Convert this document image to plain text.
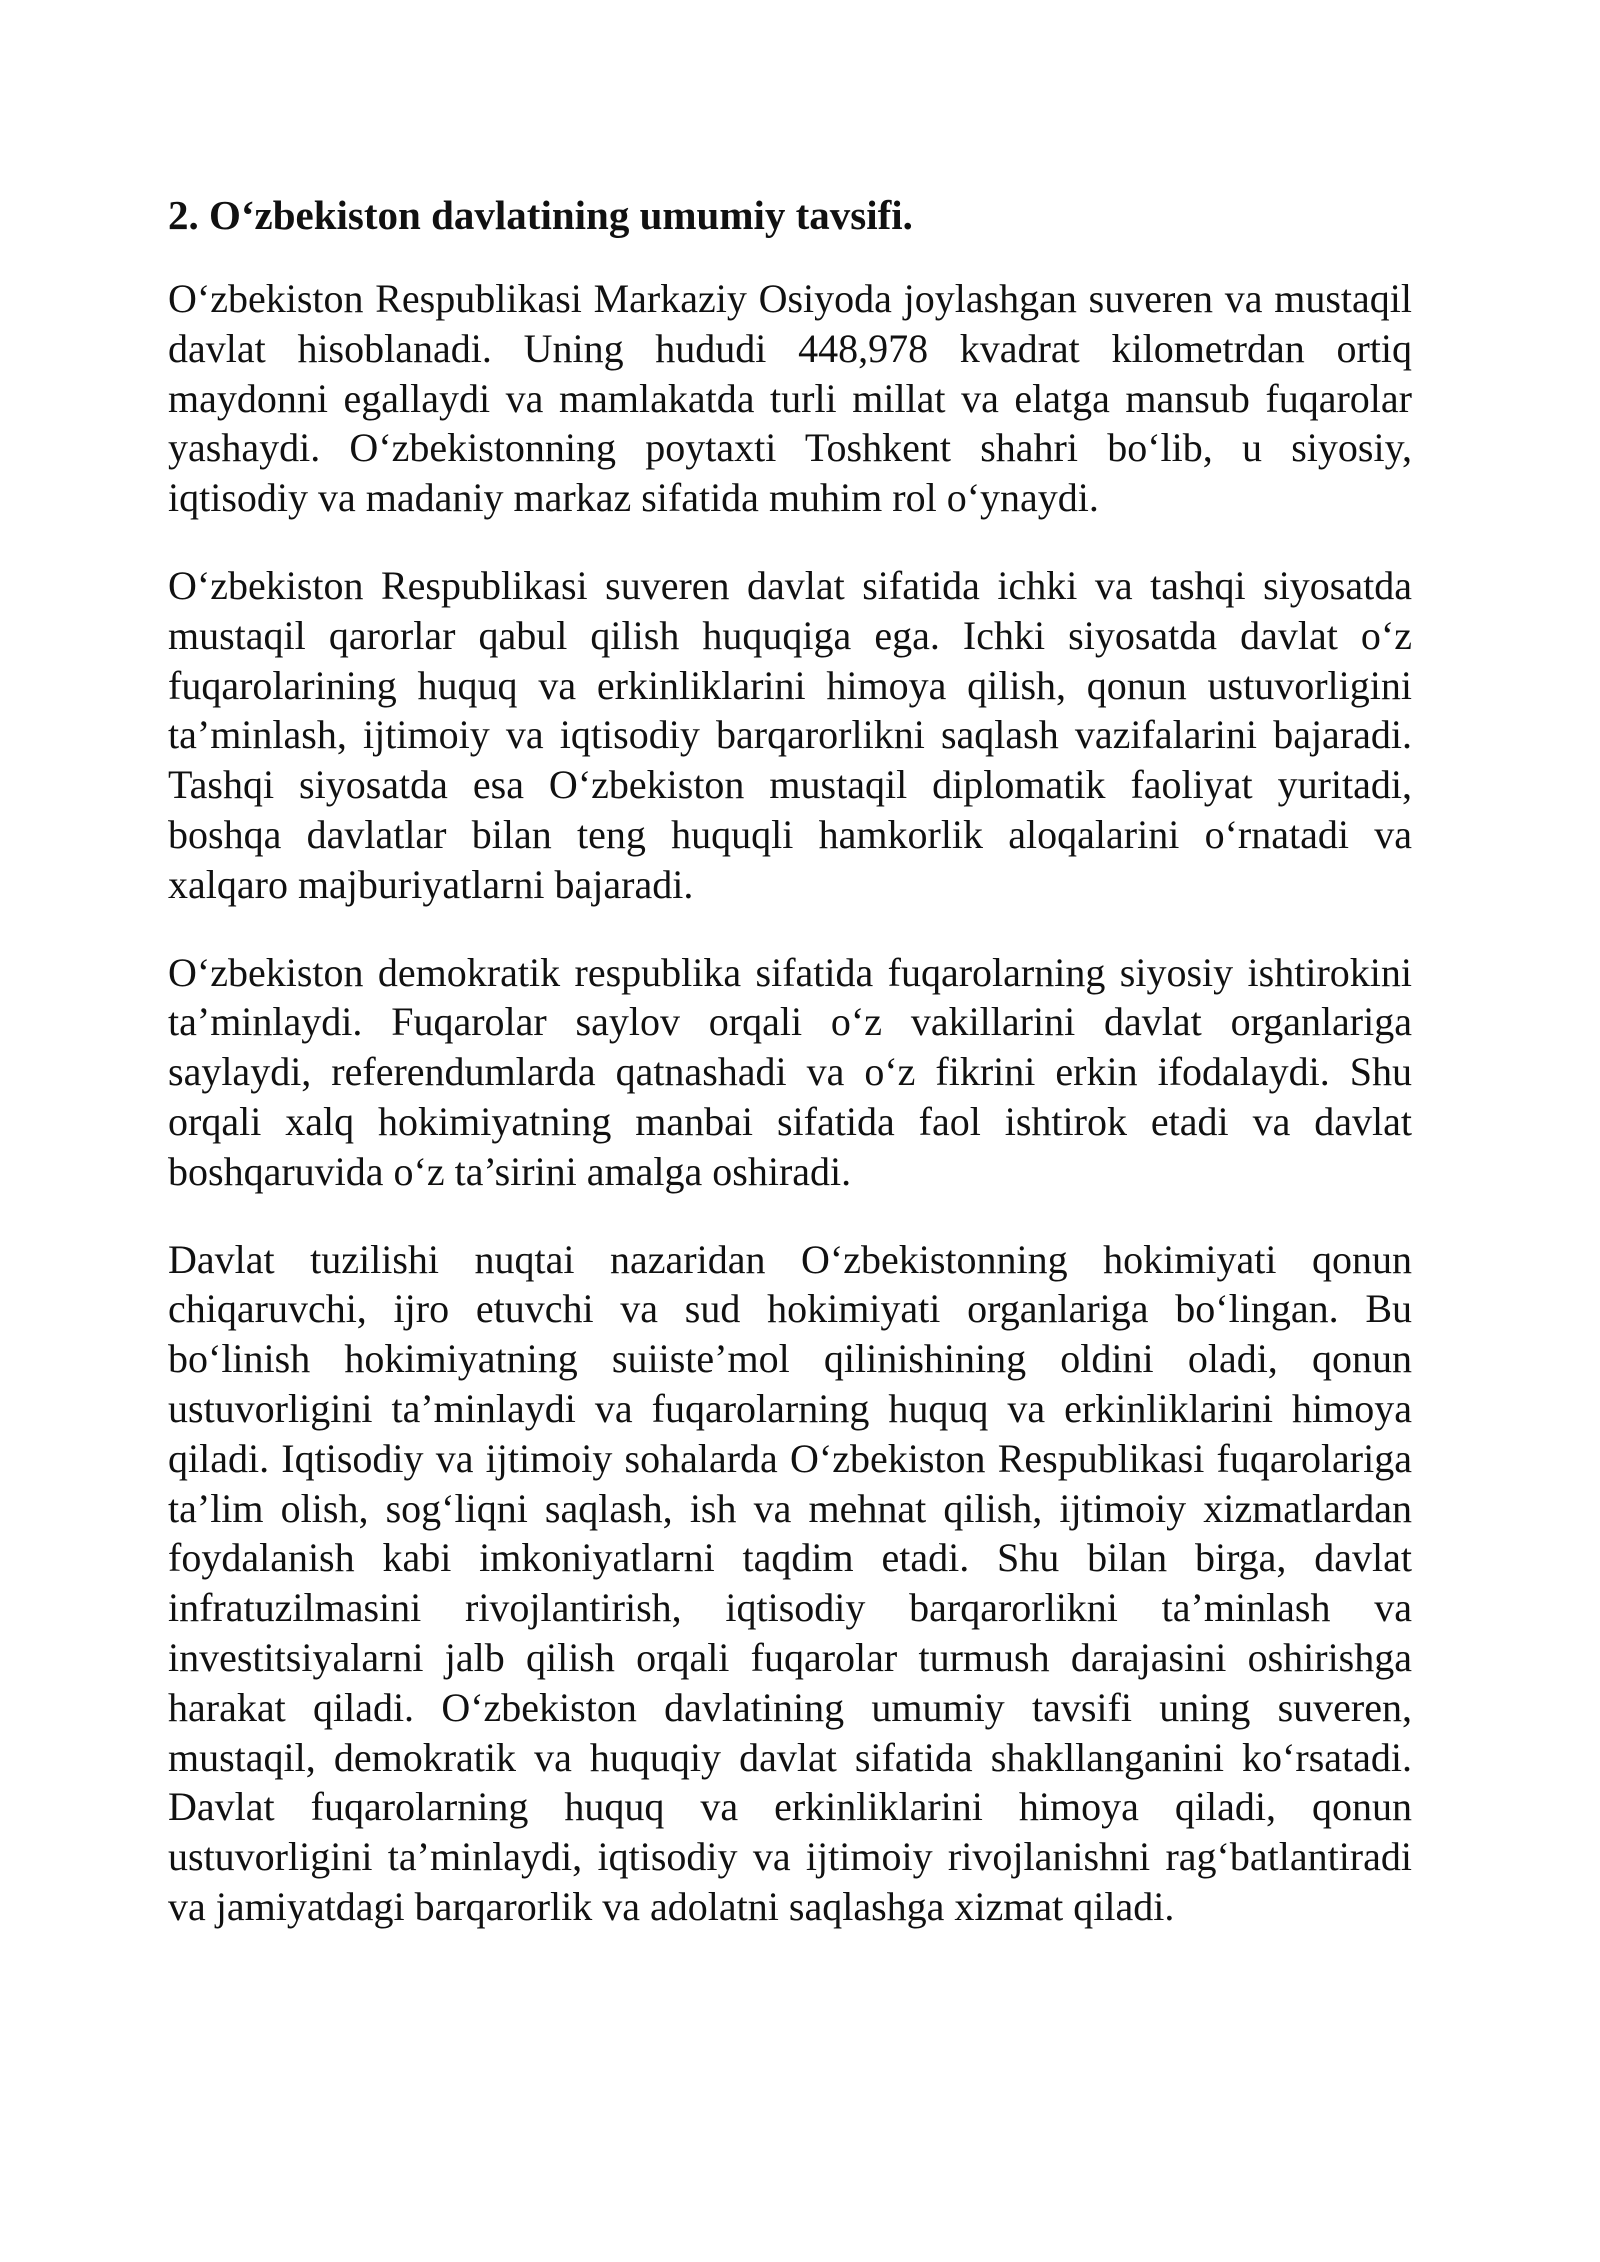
2. O‘zbekiston davlatining umumiy tavsifi.

O‘zbekiston Respublikasi Markaziy Osiyoda joylashgan suveren va mustaqil davlat hisoblanadi. Uning hududi 448,978 kvadrat kilometrdan ortiq maydonni egallaydi va mamlakatda turli millat va elatga mansub fuqarolar yashaydi. O‘zbekistonning poytaxti Toshkent shahri bo‘lib, u siyosiy, iqtisodiy va madaniy markaz sifatida muhim rol o‘ynaydi.

O‘zbekiston Respublikasi suveren davlat sifatida ichki va tashqi siyosatda mustaqil qarorlar qabul qilish huquqiga ega. Ichki siyosatda davlat o‘z fuqarolarining huquq va erkinliklarini himoya qilish, qonun ustuvorligini ta’minlash, ijtimoiy va iqtisodiy barqarorlikni saqlash vazifalarini bajaradi. Tashqi siyosatda esa O‘zbekiston mustaqil diplomatik faoliyat yuritadi, boshqa davlatlar bilan teng huquqli hamkorlik aloqalarini o‘rnatadi va xalqaro majburiyatlarni bajaradi.

O‘zbekiston demokratik respublika sifatida fuqarolarning siyosiy ishtirokini ta’minlaydi. Fuqarolar saylov orqali o‘z vakillarini davlat organlariga saylaydi, referendumlarda qatnashadi va o‘z fikrini erkin ifodalaydi. Shu orqali xalq hokimiyatning manbai sifatida faol ishtirok etadi va davlat boshqaruvida o‘z ta’sirini amalga oshiradi.

Davlat tuzilishi nuqtai nazaridan O‘zbekistonning hokimiyati qonun chiqaruvchi, ijro etuvchi va sud hokimiyati organlariga bo‘lingan. Bu bo‘linish hokimiyatning suiiste’mol qilinishining oldini oladi, qonun ustuvorligini ta’minlaydi va fuqarolarning huquq va erkinliklarini himoya qiladi. Iqtisodiy va ijtimoiy sohalarda O‘zbekiston Respublikasi fuqarolariga ta’lim olish, sog‘liqni saqlash, ish va mehnat qilish, ijtimoiy xizmatlardan foydalanish kabi imkoniyatlarni taqdim etadi. Shu bilan birga, davlat infratuzilmasini rivojlantirish, iqtisodiy barqarorlikni ta’minlash va investitsiyalarni jalb qilish orqali fuqarolar turmush darajasini oshirishga harakat qiladi. O‘zbekiston davlatining umumiy tavsifi uning suveren, mustaqil, demokratik va huquqiy davlat sifatida shakllanganini ko‘rsatadi. Davlat fuqarolarning huquq va erkinliklarini himoya qiladi, qonun ustuvorligini ta’minlaydi, iqtisodiy va ijtimoiy rivojlanishni rag‘batlantiradi va jamiyatdagi barqarorlik va adolatni saqlashga xizmat qiladi.
